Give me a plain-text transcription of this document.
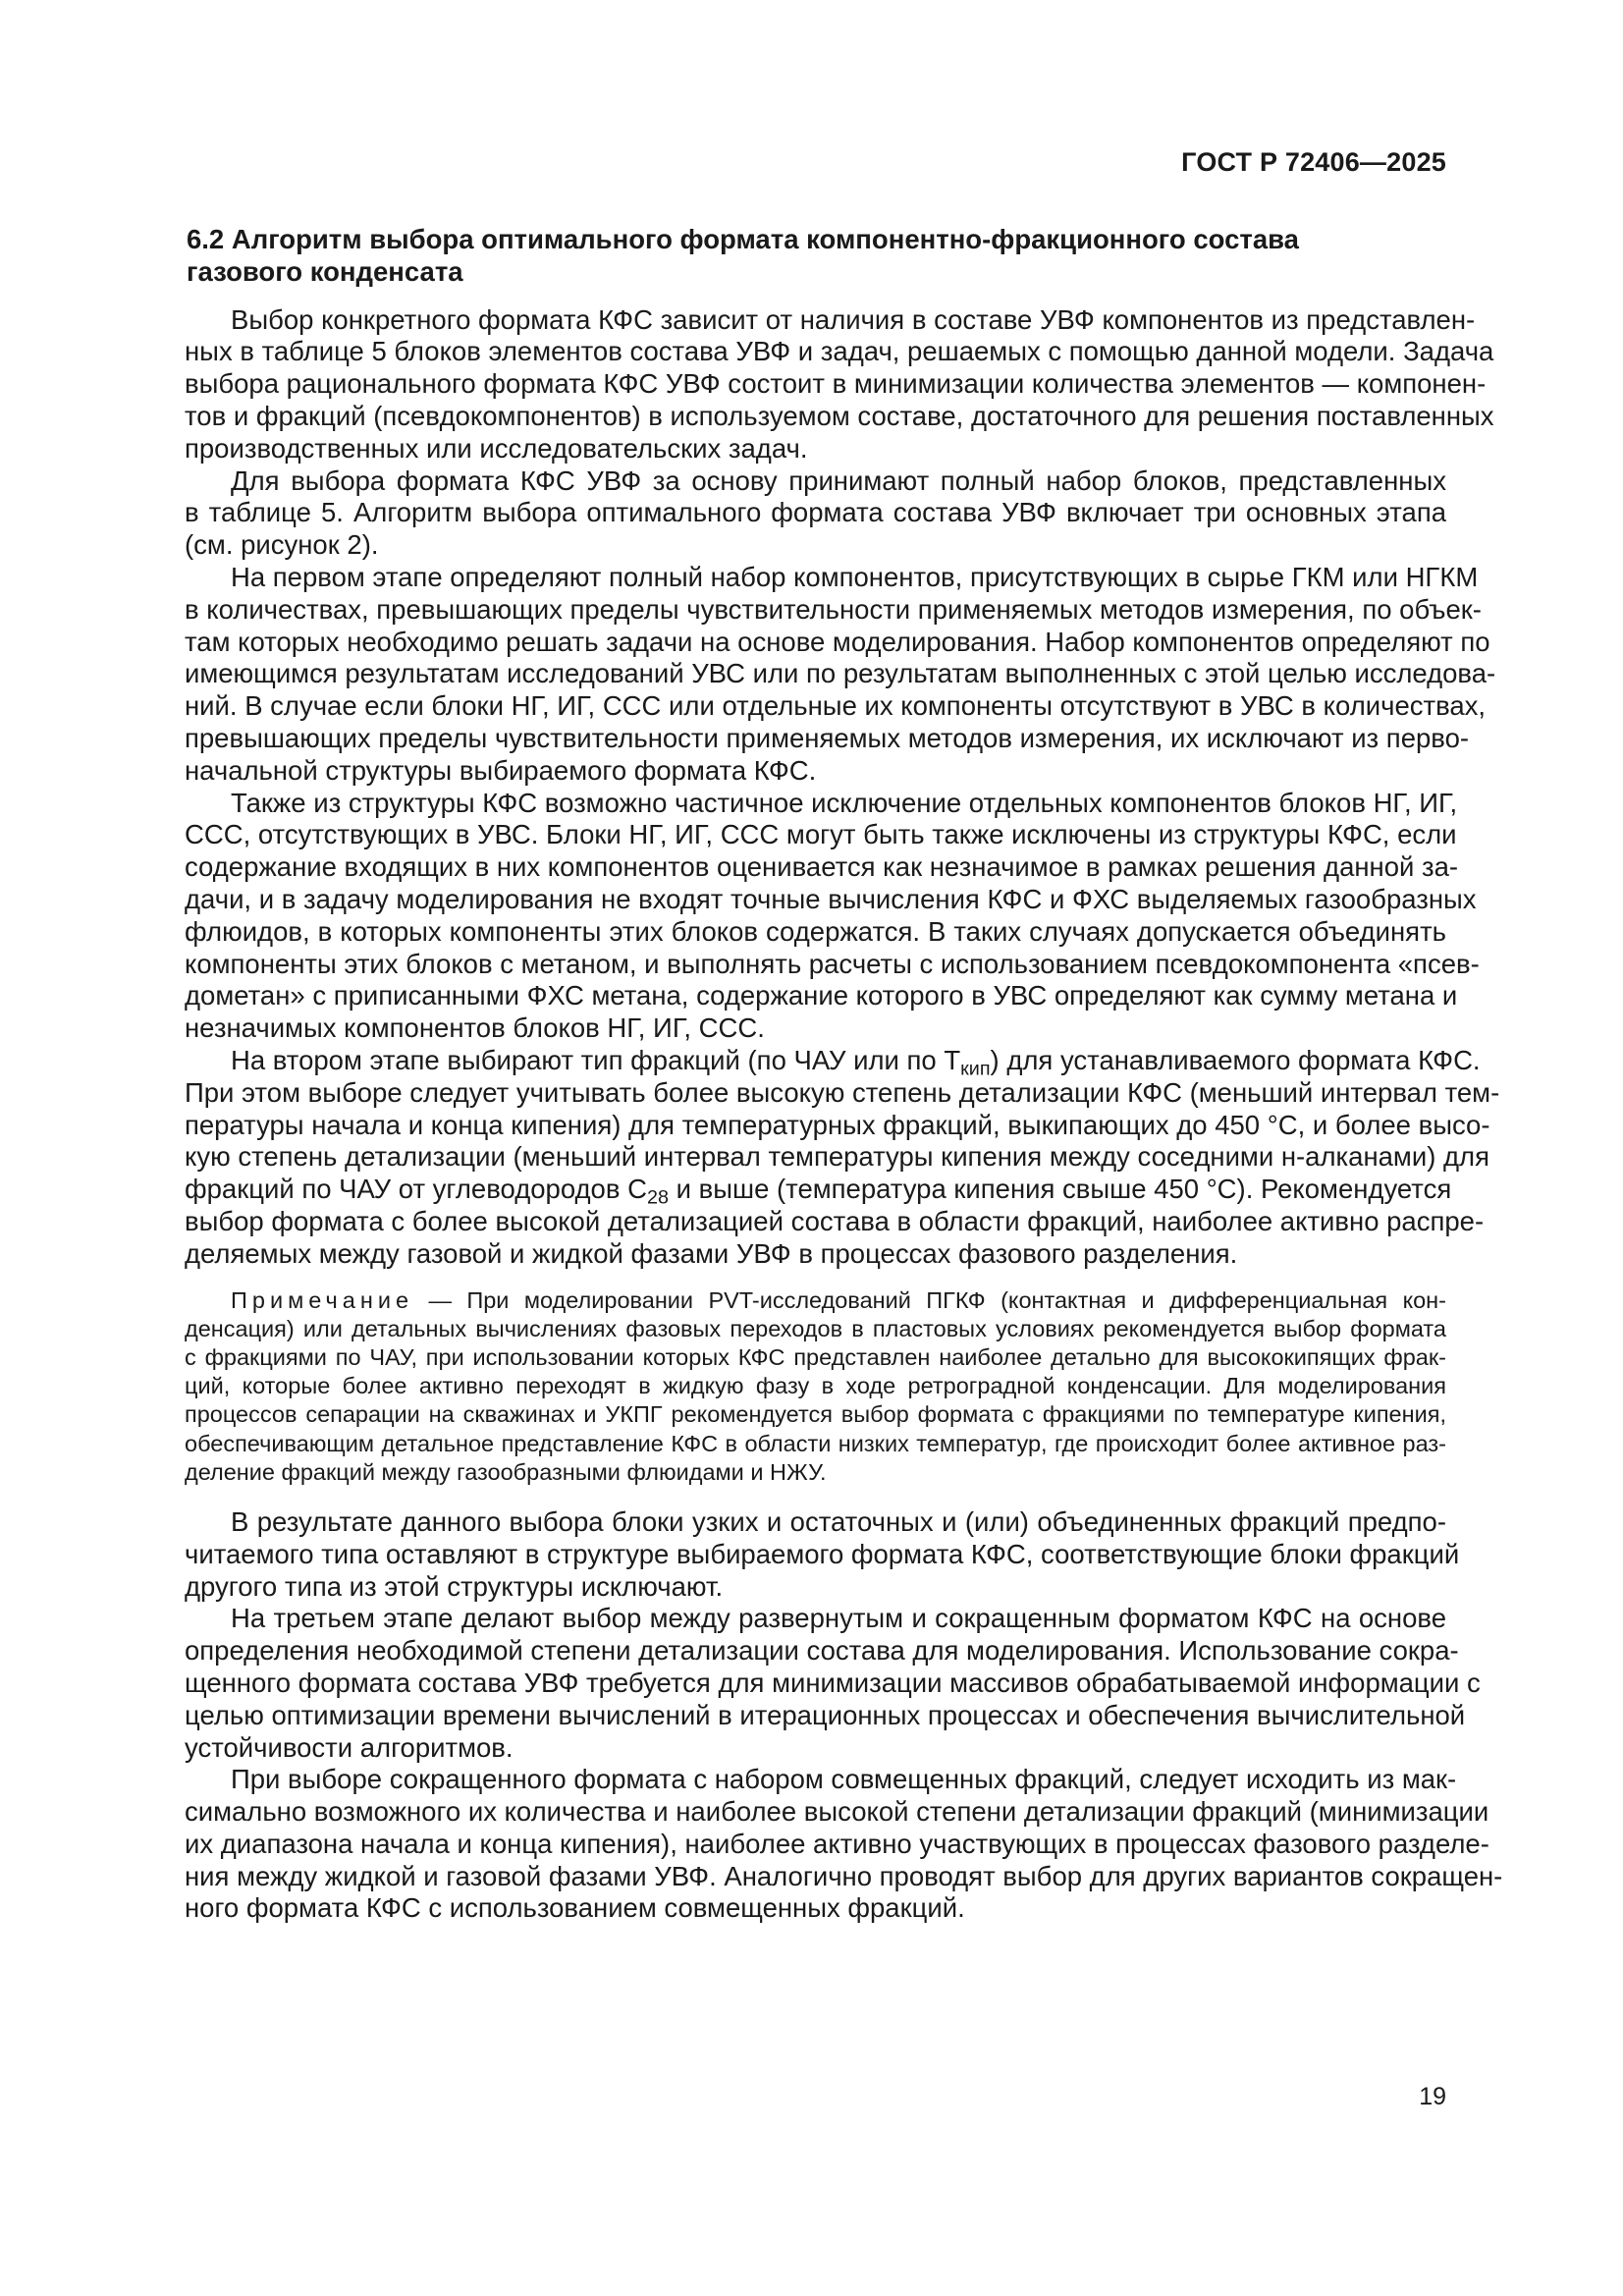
ГОСТ Р 72406—2025
6.2 Алгоритм выбора оптимального формата компонентно-фракционного состава
газового конденсата
Выбор конкретного формата КФС зависит от наличия в составе УВФ компонентов из представлен-
ных в таблице 5 блоков элементов состава УВФ и задач, решаемых с помощью данной модели. Задача
выбора рационального формата КФС УВФ состоит в минимизации количества элементов — компонен-
тов и фракций (псевдокомпонентов) в используемом составе, достаточного для решения поставленных
производственных или исследовательских задач.
Для выбора формата КФС УВФ за основу принимают полный набор блоков, представленных
в таблице 5. Алгоритм выбора оптимального формата состава УВФ включает три основных этапа
(см. рисунок 2).
На первом этапе определяют полный набор компонентов, присутствующих в сырье ГКМ или НГКМ
в количествах, превышающих пределы чувствительности применяемых методов измерения, по объек-
там которых необходимо решать задачи на основе моделирования. Набор компонентов определяют по
имеющимся результатам исследований УВС или по результатам выполненных с этой целью исследова-
ний. В случае если блоки НГ, ИГ, ССС или отдельные их компоненты отсутствуют в УВС в количествах,
превышающих пределы чувствительности применяемых методов измерения, их исключают из перво-
начальной структуры выбираемого формата КФС.
Также из структуры КФС возможно частичное исключение отдельных компонентов блоков НГ, ИГ,
ССС, отсутствующих в УВС. Блоки НГ, ИГ, ССС могут быть также исключены из структуры КФС, если
содержание входящих в них компонентов оценивается как незначимое в рамках решения данной за-
дачи, и в задачу моделирования не входят точные вычисления КФС и ФХС выделяемых газообразных
флюидов, в которых компоненты этих блоков содержатся. В таких случаях допускается объединять
компоненты этих блоков с метаном, и выполнять расчеты с использованием псевдокомпонента «псев-
дометан» с приписанными ФХС метана, содержание которого в УВС определяют как сумму метана и
незначимых компонентов блоков НГ, ИГ, ССС.
На втором этапе выбирают тип фракций (по ЧАУ или по $Т_{кип}$) для устанавливаемого формата КФС.
При этом выборе следует учитывать более высокую степень детализации КФС (меньший интервал тем-
пературы начала и конца кипения) для температурных фракций, выкипающих до 450 °С, и более высо-
кую степень детализации (меньший интервал температуры кипения между соседними н-алканами) для
фракций по ЧАУ от углеводородов $С_{28}$ и выше (температура кипения свыше 450 °С). Рекомендуется
выбор формата с более высокой детализацией состава в области фракций, наиболее активно распре-
деляемых между газовой и жидкой фазами УВФ в процессах фазового разделения.
Примечание — При моделировании PVT-исследований ПГКФ (контактная и дифференциальная кон-
денсация) или детальных вычислениях фазовых переходов в пластовых условиях рекомендуется выбор формата
с фракциями по ЧАУ, при использовании которых КФС представлен наиболее детально для высококипящих фрак-
ций, которые более активно переходят в жидкую фазу в ходе ретроградной конденсации. Для моделирования
процессов сепарации на скважинах и УКПГ рекомендуется выбор формата с фракциями по температуре кипения,
обеспечивающим детальное представление КФС в области низких температур, где происходит более активное раз-
деление фракций между газообразными флюидами и НЖУ.
В результате данного выбора блоки узких и остаточных и (или) объединенных фракций предпо-
читаемого типа оставляют в структуре выбираемого формата КФС, соответствующие блоки фракций
другого типа из этой структуры исключают.
На третьем этапе делают выбор между развернутым и сокращенным форматом КФС на основе
определения необходимой степени детализации состава для моделирования. Использование сокра-
щенного формата состава УВФ требуется для минимизации массивов обрабатываемой информации с
целью оптимизации времени вычислений в итерационных процессах и обеспечения вычислительной
устойчивости алгоритмов.
При выборе сокращенного формата с набором совмещенных фракций, следует исходить из мак-
симально возможного их количества и наиболее высокой степени детализации фракций (минимизации
их диапазона начала и конца кипения), наиболее активно участвующих в процессах фазового разделе-
ния между жидкой и газовой фазами УВФ. Аналогично проводят выбор для других вариантов сокращен-
ного формата КФС с использованием совмещенных фракций.
19
